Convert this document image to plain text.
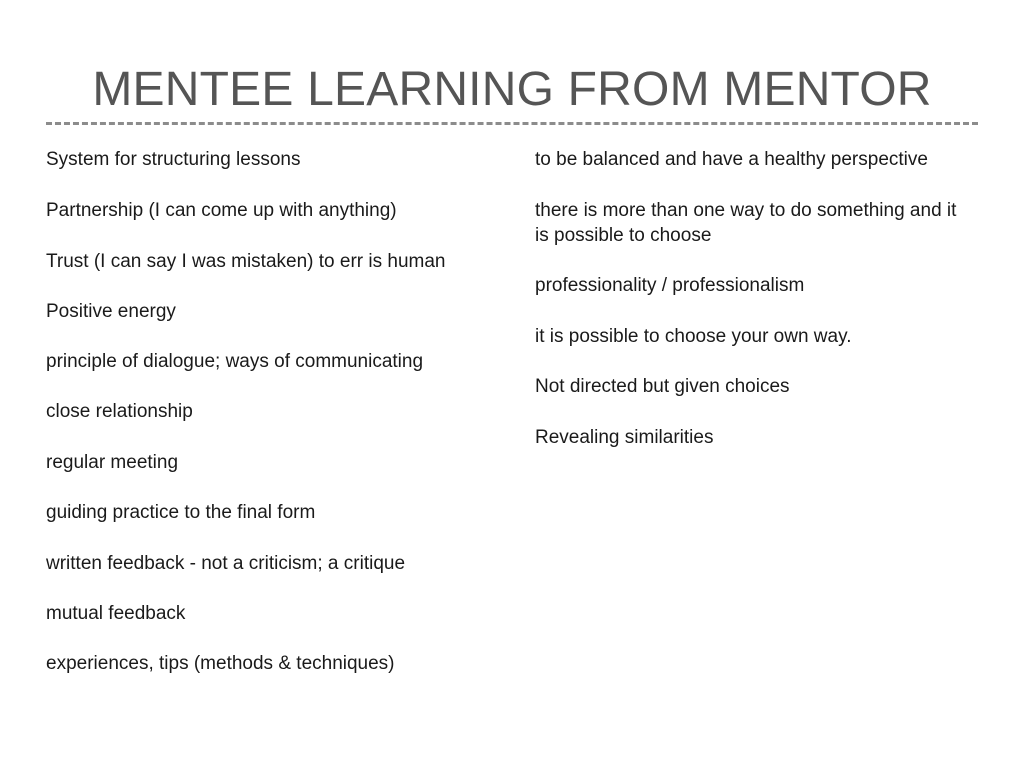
MENTEE LEARNING FROM MENTOR
System for structuring lessons
Partnership (I can come up with anything)
Trust (I can say I was mistaken) to err is human
Positive energy
principle of dialogue; ways of communicating
close relationship
regular meeting
guiding practice to the final form
written feedback - not a criticism; a critique
mutual feedback
experiences, tips (methods & techniques)
to be balanced and have a healthy perspective
there is more than one way to do something and it is possible to choose
professionality / professionalism
it is possible to choose your own way.
Not directed but given choices
Revealing similarities
